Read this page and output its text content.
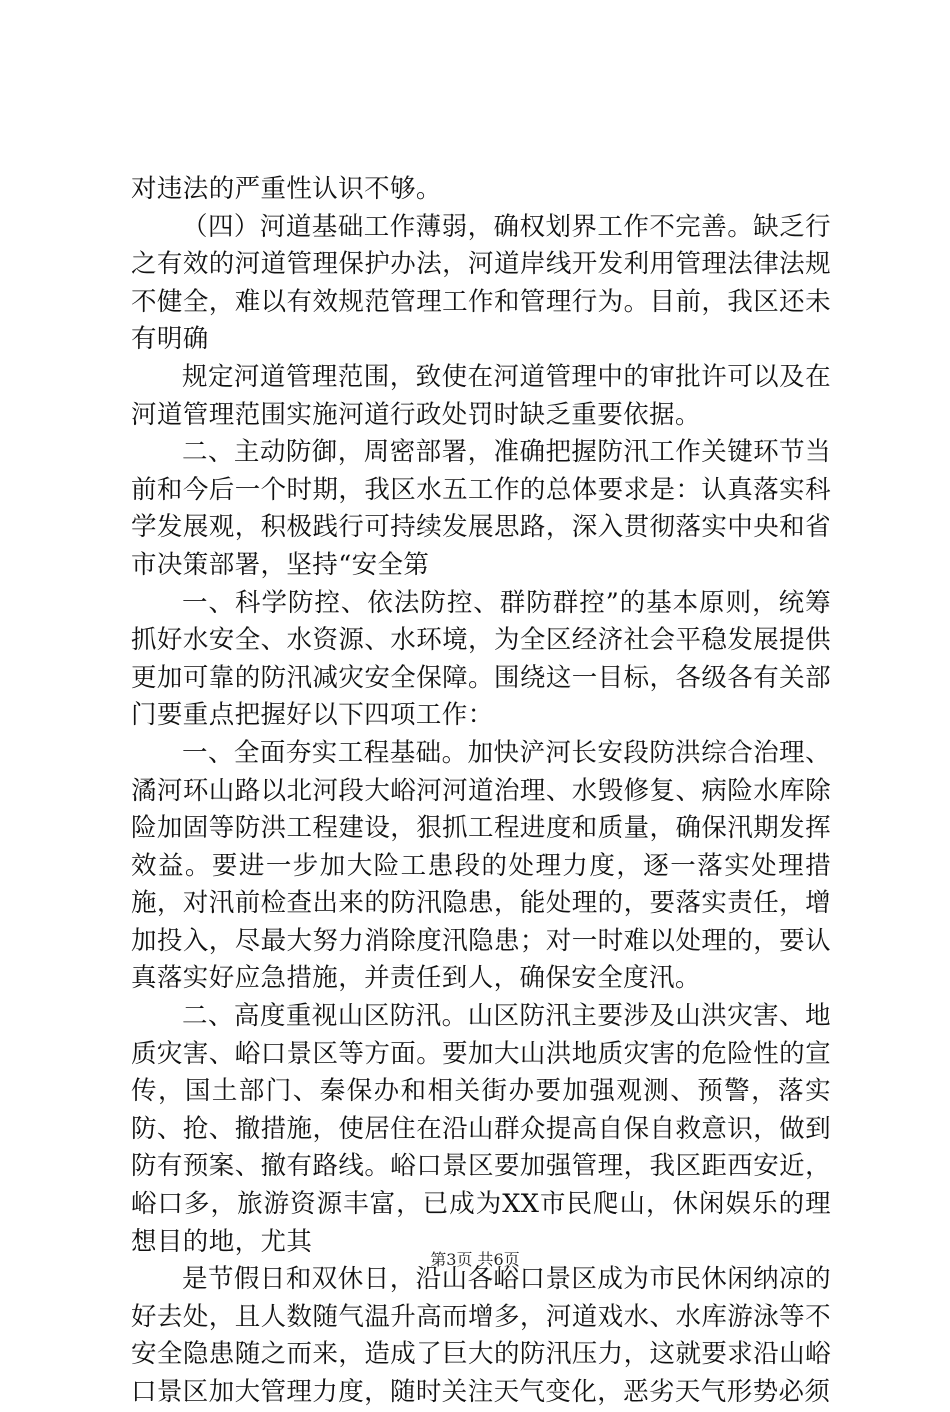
对违法的严重性认识不够。

（四）河道基础工作薄弱，确权划界工作不完善。缺乏行之有效的河道管理保护办法，河道岸线开发利用管理法律法规不健全，难以有效规范管理工作和管理行为。目前，我区还未有明确

规定河道管理范围，致使在河道管理中的审批许可以及在河道管理范围实施河道行政处罚时缺乏重要依据。

二、主动防御，周密部署，准确把握防汛工作关键环节当前和今后一个时期，我区水五工作的总体要求是：认真落实科学发展观，积极践行可持续发展思路，深入贯彻落实中央和省市决策部署，坚持“安全第

一、科学防控、依法防控、群防群控”的基本原则，统筹抓好水安全、水资源、水环境，为全区经济社会平稳发展提供更加可靠的防汛减灾安全保障。围绕这一目标，各级各有关部门要重点把握好以下四项工作：

一、全面夯实工程基础。加快浐河长安段防洪综合治理、潏河环山路以北河段大峪河河道治理、水毁修复、病险水库除险加固等防洪工程建设，狠抓工程进度和质量，确保汛期发挥效益。要进一步加大险工患段的处理力度，逐一落实处理措施，对汛前检查出来的防汛隐患，能处理的，要落实责任，增加投入，尽最大努力消除度汛隐患；对一时难以处理的，要认真落实好应急措施，并责任到人，确保安全度汛。

二、高度重视山区防汛。山区防汛主要涉及山洪灾害、地质灾害、峪口景区等方面。要加大山洪地质灾害的危险性的宣传，国土部门、秦保办和相关街办要加强观测、预警，落实防、抢、撤措施，使居住在沿山群众提高自保自救意识，做到防有预案、撤有路线。峪口景区要加强管理，我区距西安近，峪口多，旅游资源丰富，已成为XX市民爬山，休闲娱乐的理想目的地，尤其

是节假日和双休日，沿山各峪口景区成为市民休闲纳凉的好去处，且人数随气温升高而增多，河道戏水、水库游泳等不安全隐患随之而来，造成了巨大的防汛压力，这就要求沿山峪口景区加大管理力度，随时关注天气变化，恶劣天气形势必须

第3页 共6页
